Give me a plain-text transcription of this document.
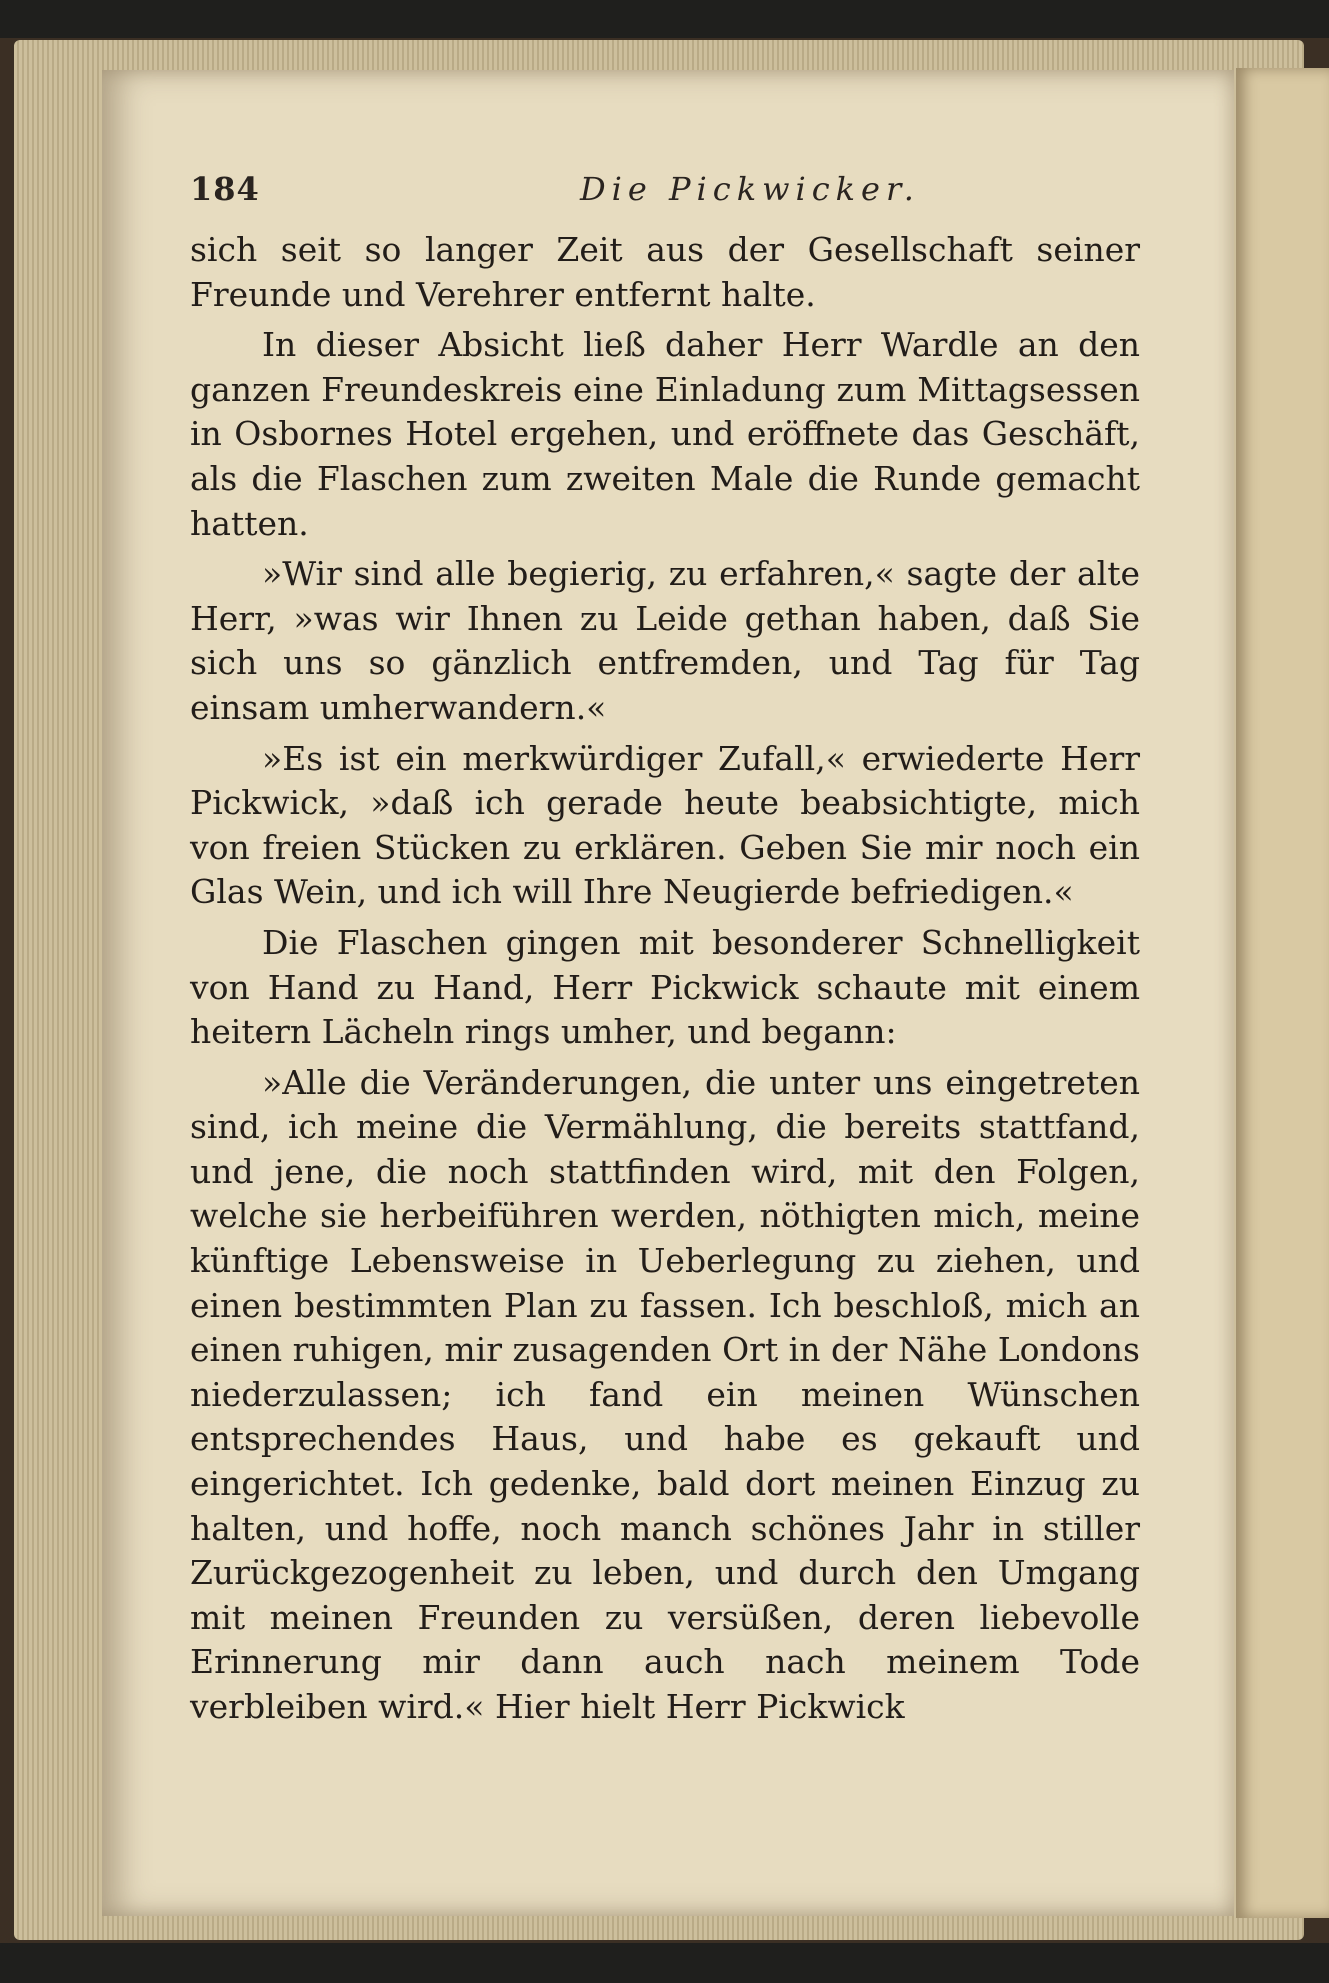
184	Die Pickwicker.

sich seit so langer Zeit aus der Gesellschaft seiner Freunde und Verehrer entfernt halte.

In dieser Absicht ließ daher Herr Wardle an den ganzen Freundeskreis eine Einladung zum Mittagsessen in Osbornes Hotel ergehen, und eröffnete das Geschäft, als die Flaschen zum zweiten Male die Runde gemacht hatten.

»Wir sind alle begierig, zu erfahren,« sagte der alte Herr, »was wir Ihnen zu Leide gethan haben, daß Sie sich uns so gänzlich entfremden, und Tag für Tag einsam umherwandern.«

»Es ist ein merkwürdiger Zufall,« erwiederte Herr Pickwick, »daß ich gerade heute beabsichtigte, mich von freien Stücken zu erklären. Geben Sie mir noch ein Glas Wein, und ich will Ihre Neugierde befriedigen.«

Die Flaschen gingen mit besonderer Schnelligkeit von Hand zu Hand, Herr Pickwick schaute mit einem heitern Lächeln rings umher, und begann:

»Alle die Veränderungen, die unter uns eingetreten sind, ich meine die Vermählung, die bereits stattfand, und jene, die noch stattfinden wird, mit den Folgen, welche sie herbeiführen werden, nöthigten mich, meine künftige Lebensweise in Ueberlegung zu ziehen, und einen bestimmten Plan zu fassen. Ich beschloß, mich an einen ruhigen, mir zusagenden Ort in der Nähe Londons niederzulassen; ich fand ein meinen Wünschen entsprechendes Haus, und habe es gekauft und eingerichtet. Ich gedenke, bald dort meinen Einzug zu halten, und hoffe, noch manch schönes Jahr in stiller Zurückgezogenheit zu leben, und durch den Umgang mit meinen Freunden zu versüßen, deren liebevolle Erinnerung mir dann auch nach meinem Tode verbleiben wird.« Hier hielt Herr Pickwick
